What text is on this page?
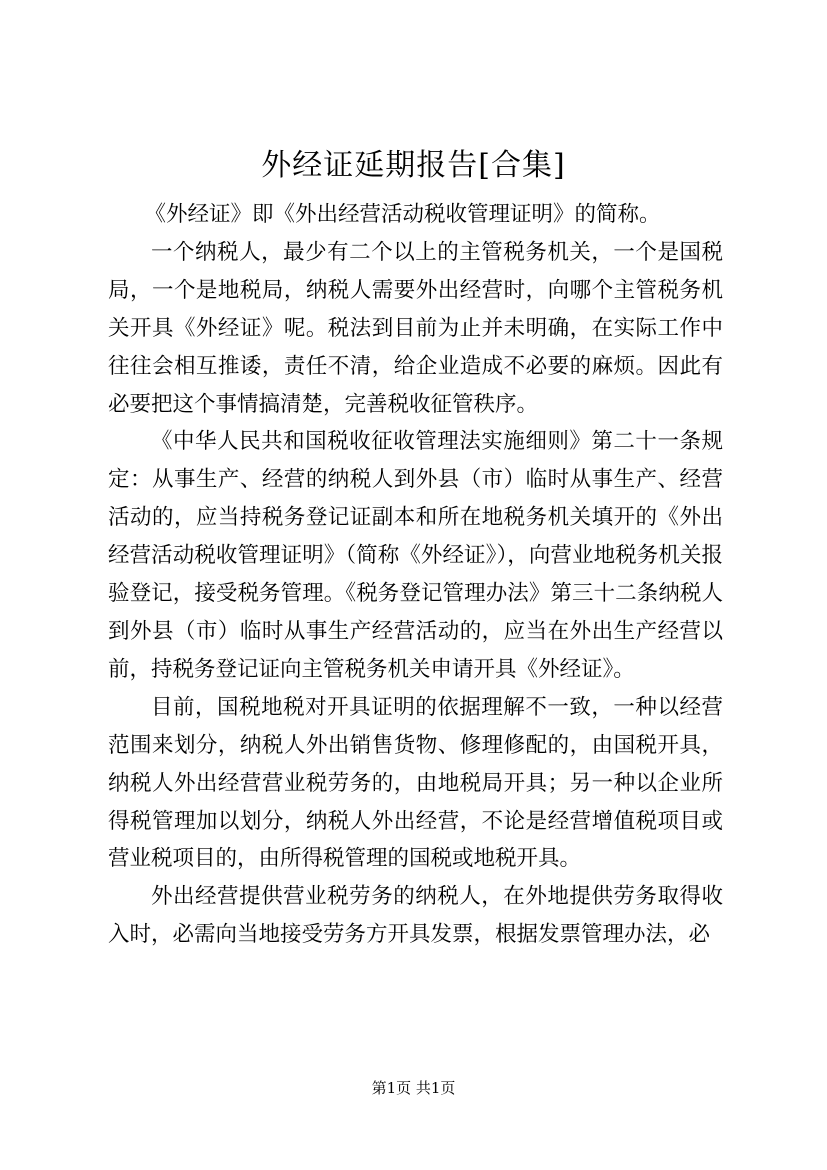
外经证延期报告[合集]

《外经证》即《外出经营活动税收管理证明》的简称。

一个纳税人，最少有二个以上的主管税务机关，一个是国税局，一个是地税局，纳税人需要外出经营时，向哪个主管税务机关开具《外经证》呢。税法到目前为止并未明确，在实际工作中往往会相互推诿，责任不清，给企业造成不必要的麻烦。因此有必要把这个事情搞清楚，完善税收征管秩序。

《中华人民共和国税收征收管理法实施细则》第二十一条规定：从事生产、经营的纳税人到外县（市）临时从事生产、经营活动的，应当持税务登记证副本和所在地税务机关填开的《外出经营活动税收管理证明》（简称《外经证》），向营业地税务机关报验登记，接受税务管理。《税务登记管理办法》第三十二条纳税人到外县（市）临时从事生产经营活动的，应当在外出生产经营以前，持税务登记证向主管税务机关申请开具《外经证》。

目前，国税地税对开具证明的依据理解不一致，一种以经营范围来划分，纳税人外出销售货物、修理修配的，由国税开具，纳税人外出经营营业税劳务的，由地税局开具；另一种以企业所得税管理加以划分，纳税人外出经营，不论是经营增值税项目或营业税项目的，由所得税管理的国税或地税开具。

外出经营提供营业税劳务的纳税人，在外地提供劳务取得收入时，必需向当地接受劳务方开具发票，根据发票管理办法，必

第1页 共1页
